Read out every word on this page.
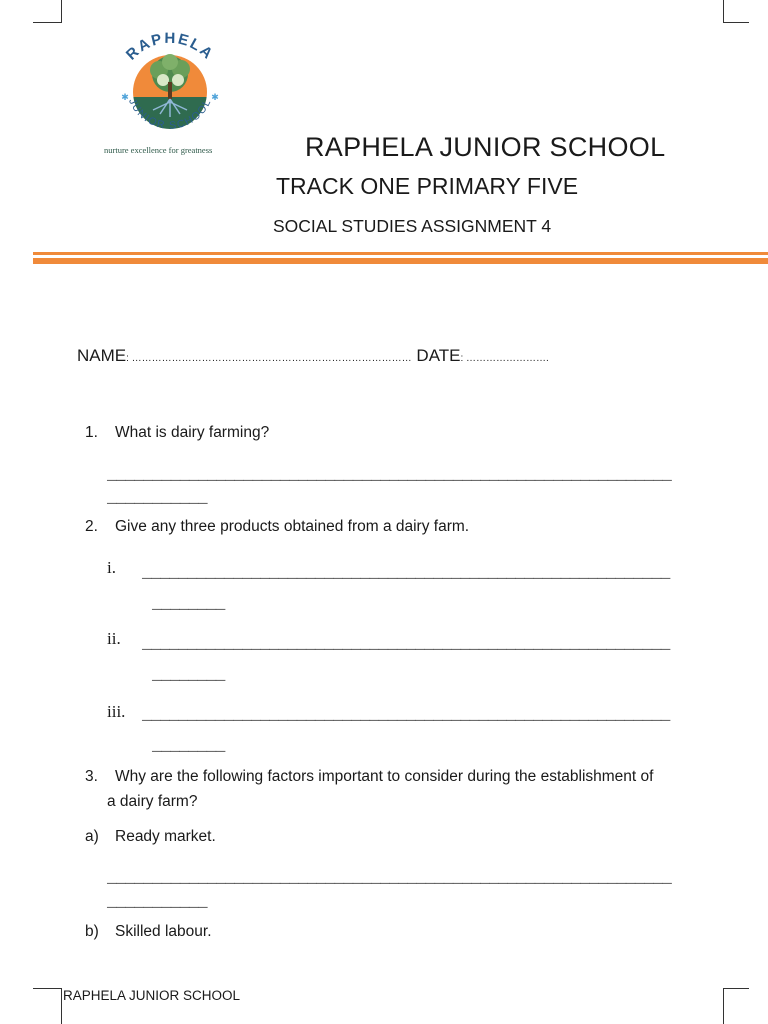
RAPHELA
JUNIOR SCHOOL
✱	✱
nurture excellence for greatness	RAPHELA JUNIOR SCHOOL
TRACK ONE PRIMARY FIVE
SOCIAL STUDIES ASSIGNMENT 4
NAME: ………………………………………………………………………… DATE: …………………….
1. What is dairy farming?
______________________________________________________________
___________
2. Give any three products obtained from a dairy farm.
i. __________________________________________________________
________
ii. __________________________________________________________
________
iii. __________________________________________________________
________
3. Why are the following factors important to consider during the establishment of
a dairy farm?
a) Ready market.
______________________________________________________________
___________
b) Skilled labour.
RAPHELA JUNIOR SCHOOL
